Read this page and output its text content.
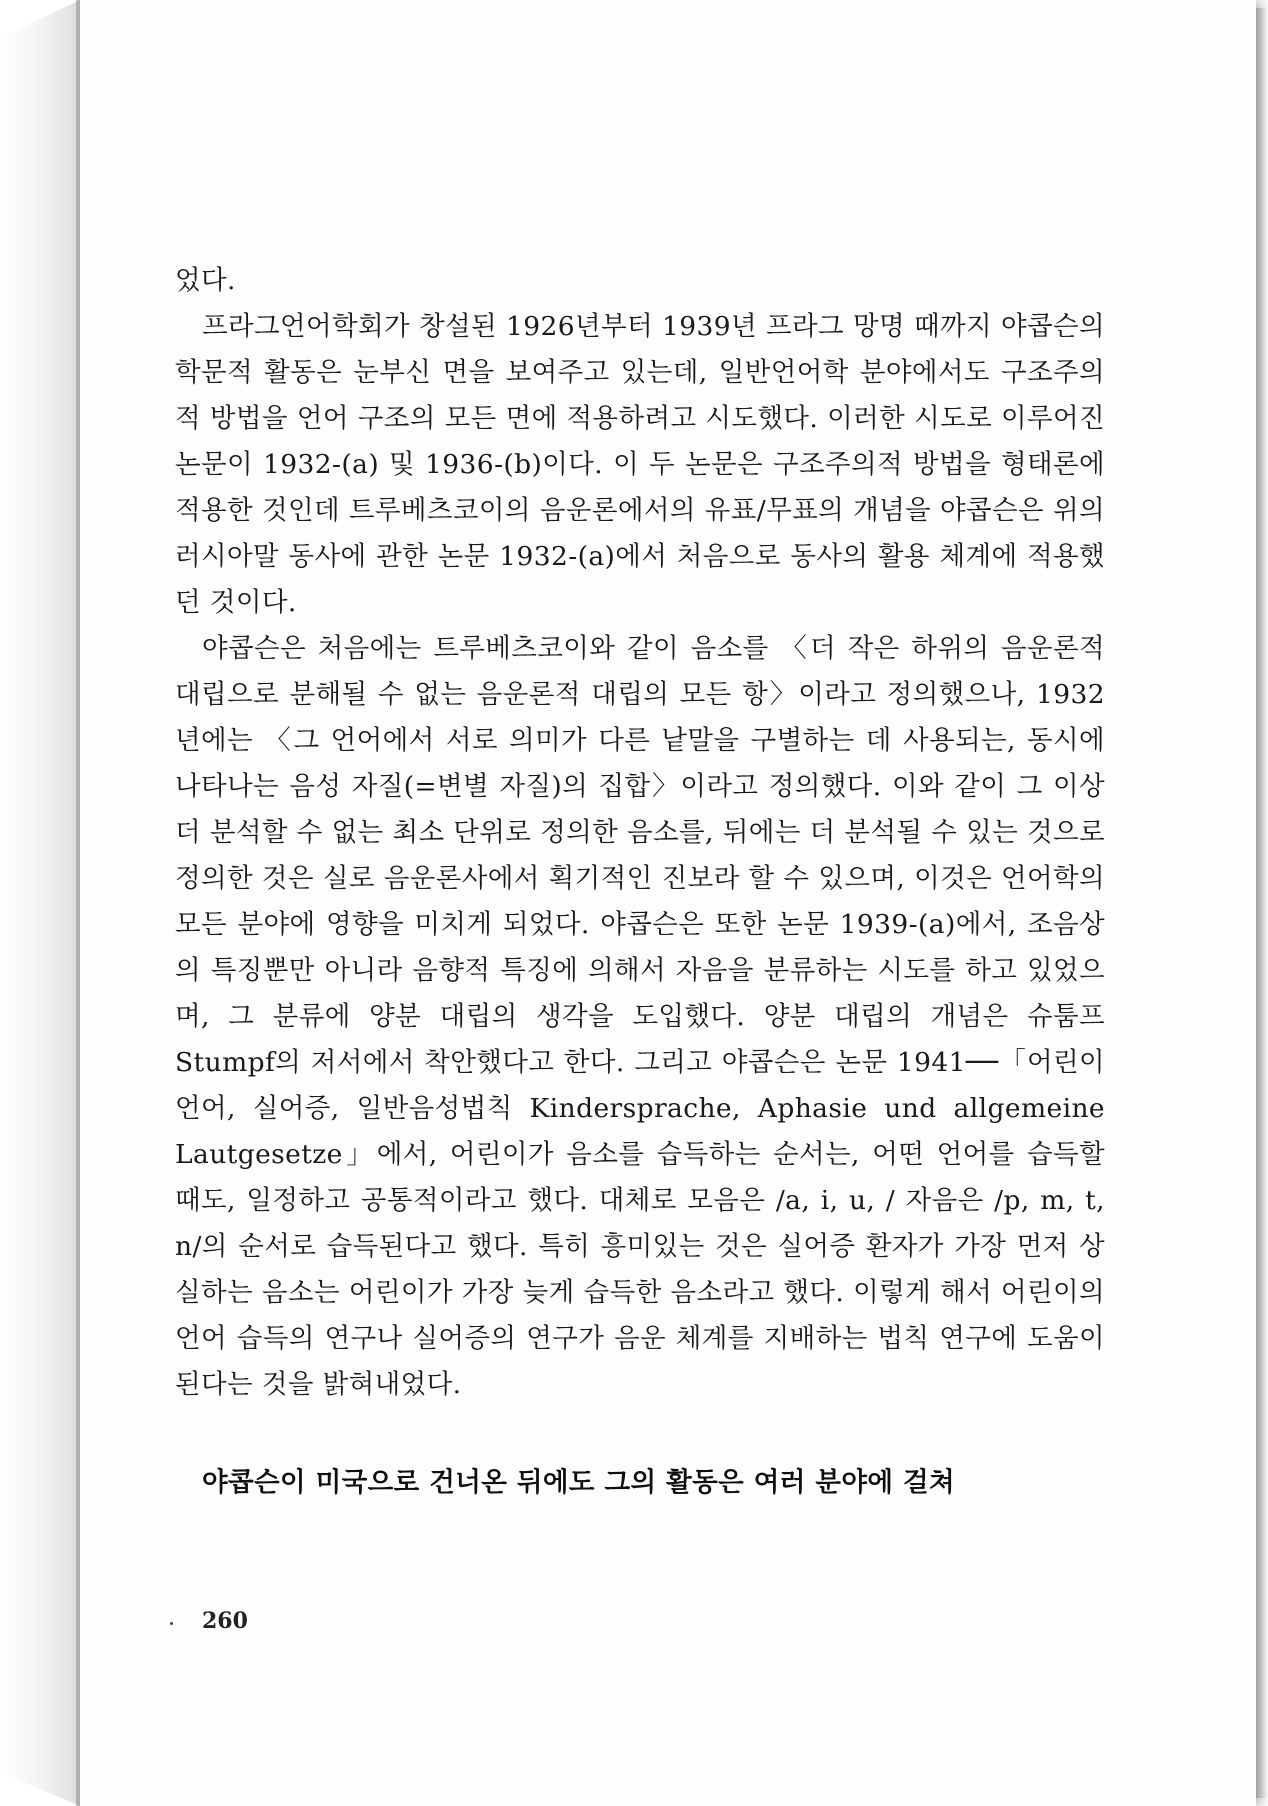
었다.

프라그언어학회가 창설된 1926년부터 1939년 프라그 망명 때까지 야콥슨의 학문적 활동은 눈부신 면을 보여주고 있는데, 일반언어학 분야에서도 구조주의적 방법을 언어 구조의 모든 면에 적용하려고 시도했다. 이러한 시도로 이루어진 논문이 1932-(a) 및 1936-(b)이다. 이 두 논문은 구조주의적 방법을 형태론에 적용한 것인데 트루베츠코이의 음운론에서의 유표/무표의 개념을 야콥슨은 위의 러시아말 동사에 관한 논문 1932-(a)에서 처음으로 동사의 활용 체계에 적용했던 것이다.

야콥슨은 처음에는 트루베츠코이와 같이 음소를 〈더 작은 하위의 음운론적 대립으로 분해될 수 없는 음운론적 대립의 모든 항〉이라고 정의했으나, 1932년에는 〈그 언어에서 서로 의미가 다른 낱말을 구별하는 데 사용되는, 동시에 나타나는 음성 자질(=변별 자질)의 집합〉이라고 정의했다. 이와 같이 그 이상 더 분석할 수 없는 최소 단위로 정의한 음소를, 뒤에는 더 분석될 수 있는 것으로 정의한 것은 실로 음운론사에서 획기적인 진보라 할 수 있으며, 이것은 언어학의 모든 분야에 영향을 미치게 되었다. 야콥슨은 또한 논문 1939-(a)에서, 조음상의 특징뿐만 아니라 음향적 특징에 의해서 자음을 분류하는 시도를 하고 있었으며, 그 분류에 양분 대립의 생각을 도입했다. 양분 대립의 개념은 슈툼프 Stumpf의 저서에서 착안했다고 한다. 그리고 야콥슨은 논문 1941──「어린이언어, 실어증, 일반음성법칙 Kindersprache, Aphasie und allgemeine Lautgesetze」에서, 어린이가 음소를 습득하는 순서는, 어떤 언어를 습득할 때도, 일정하고 공통적이라고 했다. 대체로 모음은 /a, i, u, / 자음은 /p, m, t, n/의 순서로 습득된다고 했다. 특히 흥미있는 것은 실어증 환자가 가장 먼저 상실하는 음소는 어린이가 가장 늦게 습득한 음소라고 했다. 이렇게 해서 어린이의 언어 습득의 연구나 실어증의 연구가 음운 체계를 지배하는 법칙 연구에 도움이 된다는 것을 밝혀내었다.

야콥슨이 미국으로 건너온 뒤에도 그의 활동은 여러 분야에 걸쳐

260
